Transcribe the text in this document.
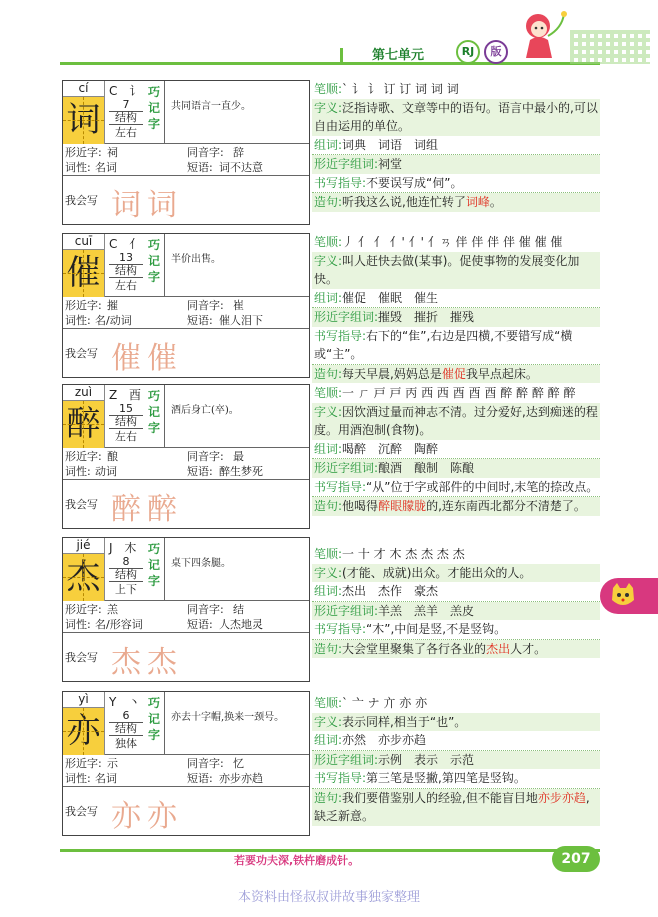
第七单元	RJ	版
cí
词
C 讠
7
结构
左右
巧记字
共同语言一直少。
形近字: 祠	同音字: 辞
词性: 名词	短语: 词不达意
我会写 词 词
cuī
催
C 亻
13
结构
左右
巧记字
半价出售。
形近字: 摧	同音字: 崔
词性: 名/动词	短语: 催人泪下
我会写 催 催
zuì
醉
Z 酉
15
结构
左右
巧记字
酒后身亡(卒)。
形近字: 酿	同音字: 最
词性: 动词	短语: 醉生梦死
我会写 醉 醉
jié
杰
J 木
8
结构
上下
巧记字
桌下四条腿。
形近字: 羔	同音字: 结
词性: 名/形容词	短语: 人杰地灵
我会写 杰 杰
yì
亦
Y 丶
6
结构
独体
巧记字
亦去十字帽,换来一颈号。
形近字: 示	同音字: 忆
词性: 名词	短语: 亦步亦趋
我会写 亦 亦

笔顺:` 讠 讠 订 订 词 词 词

字义:泛指诗歌、文章等中的语句。语言中最小的,可以自由运用的单位。

组词:词典　词语　词组

形近字组词:祠堂

书写指导:不要误写成“伺”。

造句:听我这么说,他连忙转了词峰。

笔顺:丿 亻 亻 亻' 亻' 亻ㄢ 伴 伴 伴 伴 催 催 催

字义:叫人赶快去做(某事)。促使事物的发展变化加快。

组词:催促　催眠　催生

形近字组词:摧毁　摧折　摧残

书写指导:右下的“隹”,右边是四横,不要错写成“横或“主”。

造句:每天早晨,妈妈总是催促我早点起床。

笔顺:一 ㄏ 戸 戸 丙 西 西 酉 酉 酉 醉 醉 醉 醉 醉

字义:因饮酒过量而神志不清。过分爱好,达到痴迷的程度。用酒泡制(食物)。

组词:喝醉　沉醉　陶醉

形近字组词:酿酒　酿制　陈酿

书写指导:“从”位于字或部件的中间时,末笔的捺改点。

造句:他喝得醉眼朦胧的,连东南西北都分不清楚了。

笔顺:一 十 才 木 杰 杰 杰 杰

字义:(才能、成就)出众。才能出众的人。

组词:杰出　杰作　豪杰

形近字组词:羊羔　羔羊　羔皮

书写指导:“木”,中间是竖,不是竖钩。

造句:大会堂里聚集了各行各业的杰出人才。

笔顺:` 亠 ナ 亣 亦 亦

字义:表示同样,相当于“也”。

组词:亦然　亦步亦趋

形近字组词:示例　表示　示范

书写指导:第三笔是竖撇,第四笔是竖钩。

造句:我们要借鉴别人的经验,但不能盲目地亦步亦趋,缺乏新意。

若要功夫深,铁杵磨成针。	207
本资料由怪叔叔讲故事独家整理
